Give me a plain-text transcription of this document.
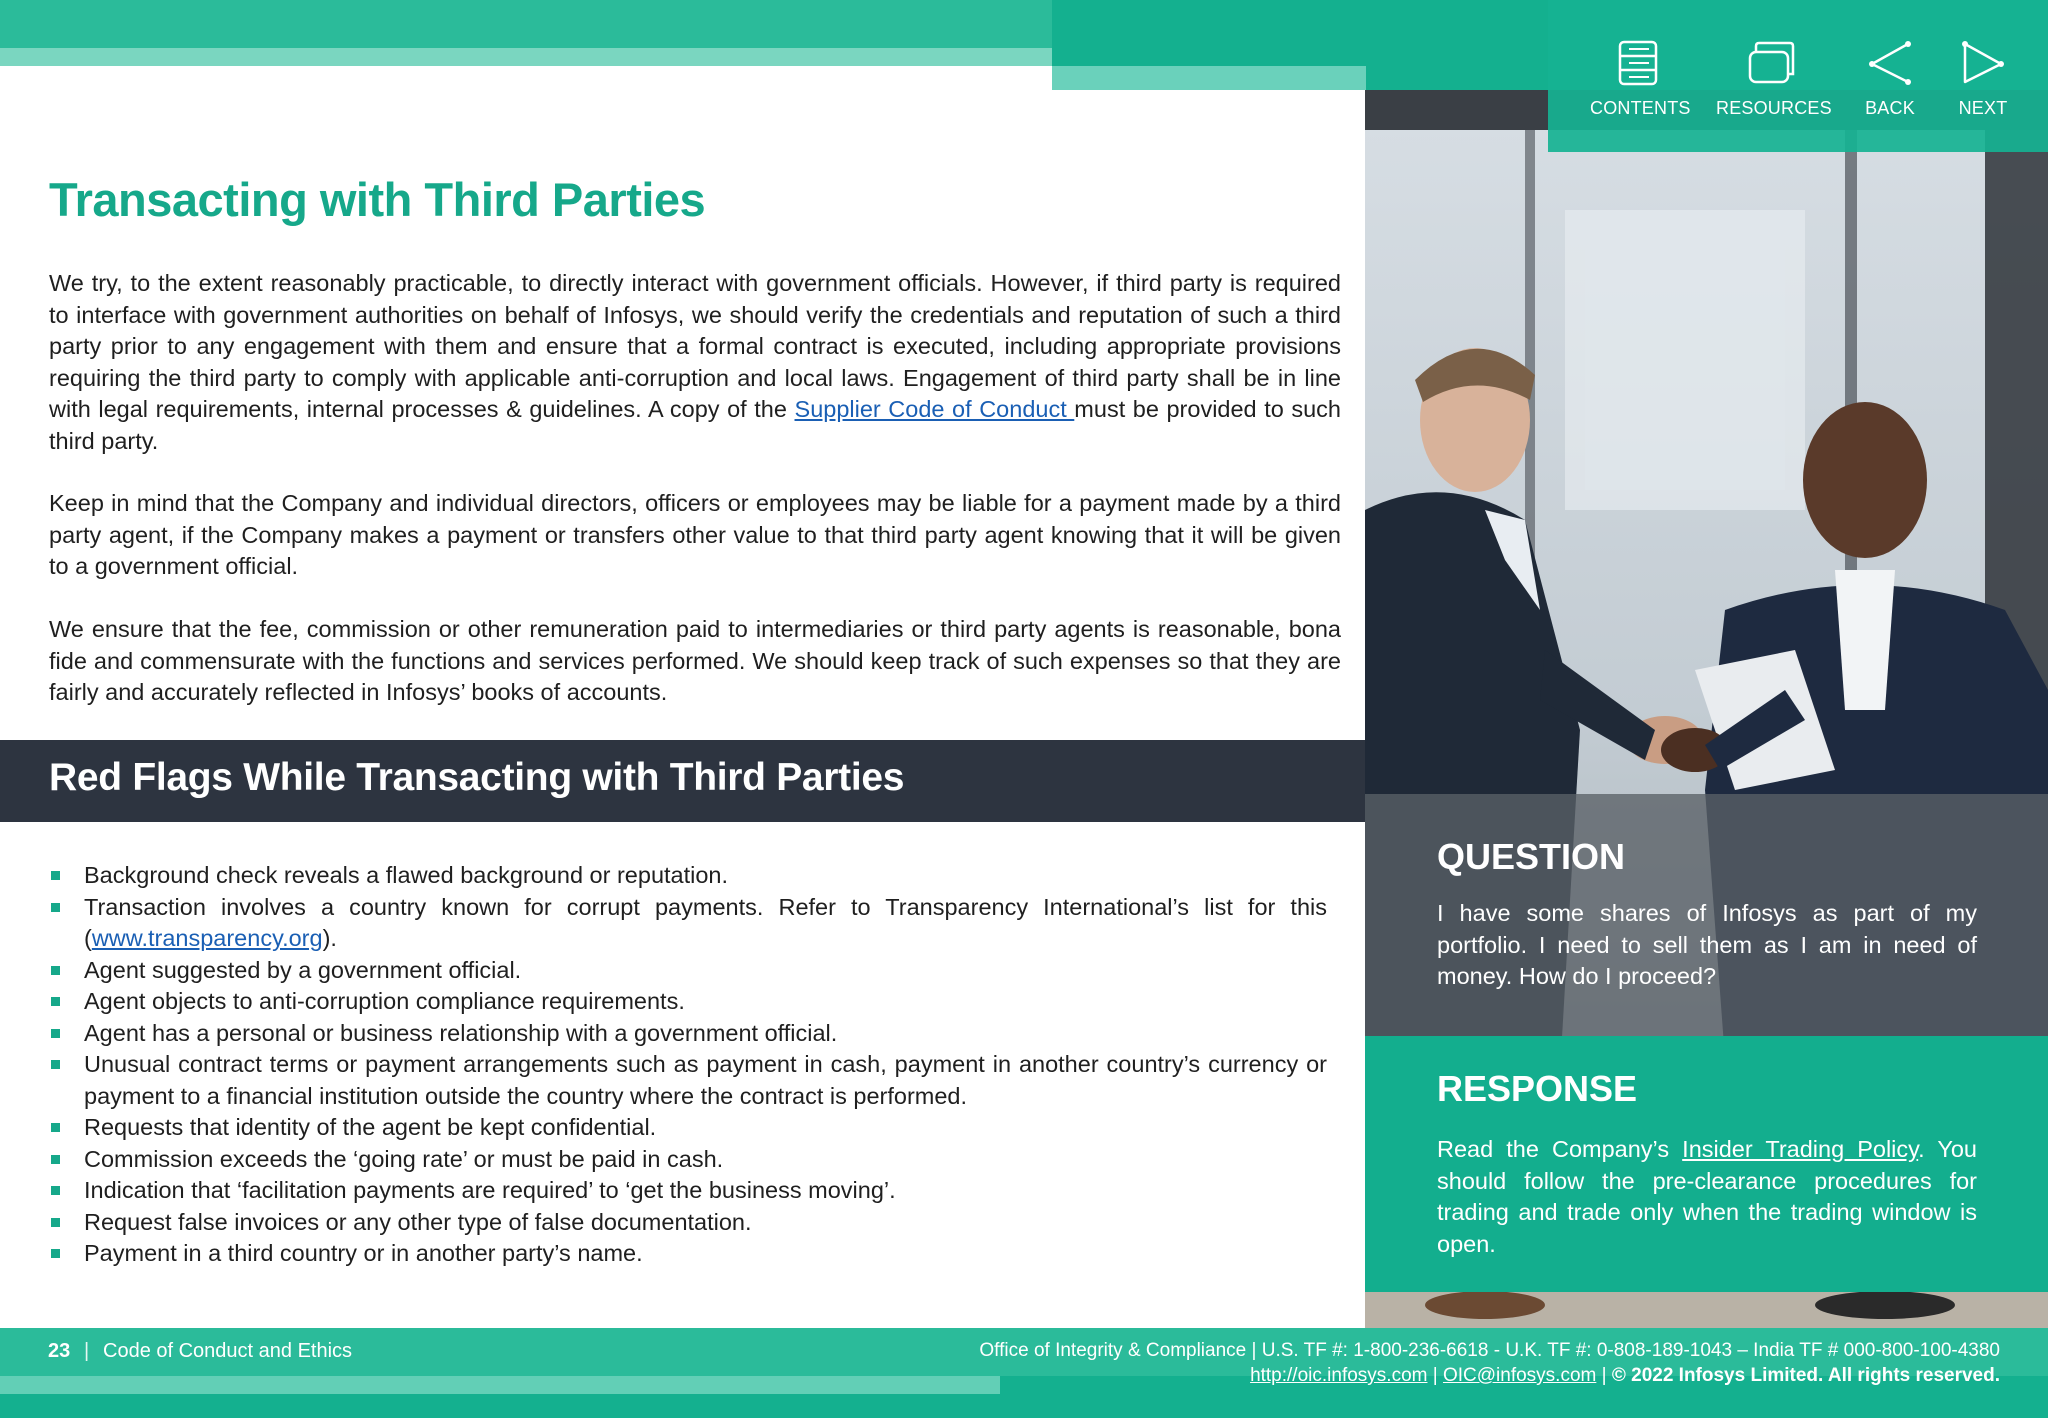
CONTENTS RESOURCES	BACK	NEXT
Transacting with Third Parties

We try, to the extent reasonably practicable, to directly interact with government officials. However, if third party is required to interface with government authorities on behalf of Infosys, we should verify the credentials and reputation of such a third party prior to any engagement with them and ensure that a formal contract is executed, including appropriate provisions requiring the third party to comply with applicable anti-corruption and local laws. Engagement of third party shall be in line with legal requirements, internal processes & guidelines. A copy of the Supplier Code of Conduct must be provided to such third party.

Keep in mind that the Company and individual directors, officers or employees may be liable for a payment made by a third party agent, if the Company makes a payment or transfers other value to that third party agent knowing that it will be given to a government official.

We ensure that the fee, commission or other remuneration paid to intermediaries or third party agents is reasonable, bona fide and commensurate with the functions and services performed. We should keep track of such expenses so that they are fairly and accurately reflected in Infosys’ books of accounts.

Red Flags While Transacting with Third Parties
Background check reveals a flawed background or reputation.
Transaction involves a country known for corrupt payments. Refer to Transparency International’s list for this (www.transparency.org).
Agent suggested by a government official.
Agent objects to anti-corruption compliance requirements.
Agent has a personal or business relationship with a government official.
Unusual contract terms or payment arrangements such as payment in cash, payment in another country’s currency or payment to a financial institution outside the country where the contract is performed.
Requests that identity of the agent be kept confidential.
Commission exceeds the ‘going rate’ or must be paid in cash.
Indication that ‘facilitation payments are required’ to ‘get the business moving’.
Request false invoices or any other type of false documentation.
Payment in a third country or in another party’s name.
QUESTION
I have some shares of Infosys as part of my portfolio. I need to sell them as I am in need of money. How do I proceed?
RESPONSE
Read the Company’s Insider Trading Policy. You should follow the pre-clearance procedures for trading and trade only when the trading window is open.
23 | Code of Conduct and Ethics	Office of Integrity & Compliance | U.S. TF #: 1-800-236-6618 - U.K. TF #: 0-808-189-1043 – India TF # 000-800-100-4380
http://oic.infosys.com | OIC@infosys.com | © 2022 Infosys Limited. All rights reserved.
